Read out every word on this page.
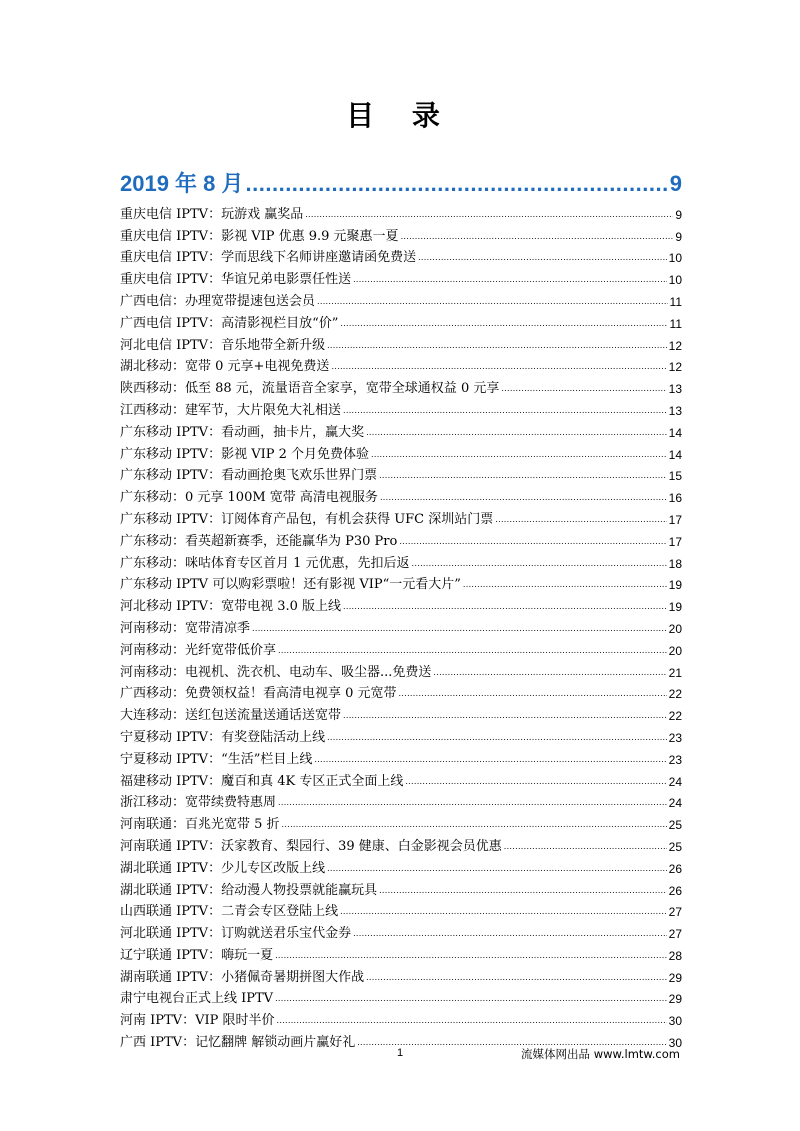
目 录
2019 年 8 月 .....	9
重庆电信 IPTV：玩游戏 赢奖品 .....	9
重庆电信 IPTV：影视 VIP 优惠 9.9 元聚惠一夏 .....	9
重庆电信 IPTV：学而思线下名师讲座邀请函免费送 .....	10
重庆电信 IPTV：华谊兄弟电影票任性送 .....	10
广西电信：办理宽带提速包送会员 .....	11
广西电信 IPTV：高清影视栏目放“价” .....	11
河北电信 IPTV：音乐地带全新升级 .....	12
湖北移动：宽带 0 元享+电视免费送 .....	12
陕西移动：低至 88 元，流量语音全家享，宽带全球通权益 0 元享 .....	13
江西移动：建军节，大片限免大礼相送 .....	13
广东移动 IPTV：看动画，抽卡片，赢大奖 .....	14
广东移动 IPTV：影视 VIP 2 个月免费体验 .....	14
广东移动 IPTV：看动画抢奥飞欢乐世界门票 .....	15
广东移动：0 元享 100M 宽带 高清电视服务 .....	16
广东移动 IPTV：订阅体育产品包，有机会获得 UFC 深圳站门票 .....	17
广东移动：看英超新赛季，还能赢华为 P30 Pro .....	17
广东移动：咪咕体育专区首月 1 元优惠，先扣后返 .....	18
广东移动 IPTV 可以购彩票啦！还有影视 VIP“一元看大片” .....	19
河北移动 IPTV：宽带电视 3.0 版上线 .....	19
河南移动：宽带清凉季 .....	20
河南移动：光纤宽带低价享 .....	20
河南移动：电视机、洗衣机、电动车、吸尘器...免费送 .....	21
广西移动：免费领权益！看高清电视享 0 元宽带 .....	22
大连移动：送红包送流量送通话送宽带 .....	22
宁夏移动 IPTV：有奖登陆活动上线 .....	23
宁夏移动 IPTV：“生活”栏目上线 .....	23
福建移动 IPTV：魔百和真 4K 专区正式全面上线 .....	24
浙江移动：宽带续费特惠周 .....	24
河南联通：百兆光宽带 5 折 .....	25
河南联通 IPTV：沃家教育、梨园行、39 健康、白金影视会员优惠 .....	25
湖北联通 IPTV：少儿专区改版上线 .....	26
湖北联通 IPTV：给动漫人物投票就能赢玩具 .....	26
山西联通 IPTV：二青会专区登陆上线 .....	27
河北联通 IPTV：订购就送君乐宝代金券 .....	27
辽宁联通 IPTV：嗨玩一夏 .....	28
湖南联通 IPTV：小猪佩奇暑期拼图大作战 .....	29
肃宁电视台正式上线 IPTV .....	29
河南 IPTV：VIP 限时半价 .....	30
广西 IPTV：记忆翻牌 解锁动画片赢好礼 .....	30
1	流媒体网出品 www.lmtw.com
